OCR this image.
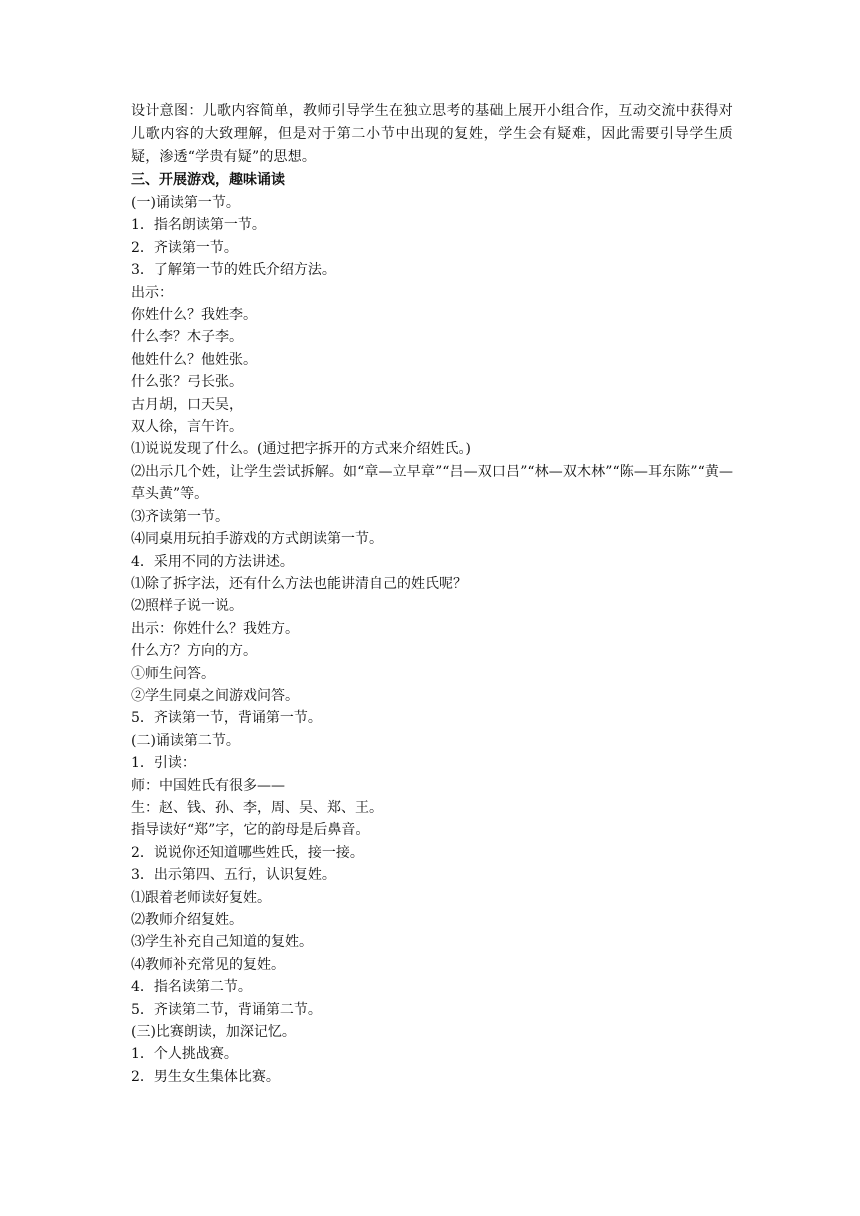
设计意图：儿歌内容简单，教师引导学生在独立思考的基础上展开小组合作，互动交流中获得对儿歌内容的大致理解，但是对于第二小节中出现的复姓，学生会有疑难，因此需要引导学生质疑，渗透“学贵有疑”的思想。

三、开展游戏，趣味诵读

(一)诵读第一节。
1．指名朗读第一节。
2．齐读第一节。
3．了解第一节的姓氏介绍方法。
出示：
你姓什么？我姓李。
什么李？木子李。
他姓什么？他姓张。
什么张？弓长张。
古月胡，口天吴，
双人徐，言午许。
⑴说说发现了什么。(通过把字拆开的方式来介绍姓氏。)
⑵出示几个姓，让学生尝试拆解。如“章—立早章”“吕—双口吕”“林—双木林”“陈—耳东陈”“黄—草头黄”等。
⑶齐读第一节。
⑷同桌用玩拍手游戏的方式朗读第一节。
4．采用不同的方法讲述。
⑴除了拆字法，还有什么方法也能讲清自己的姓氏呢？
⑵照样子说一说。
出示：你姓什么？我姓方。
什么方？方向的方。
①师生问答。
②学生同桌之间游戏问答。
5．齐读第一节，背诵第一节。
(二)诵读第二节。
1．引读：
师：中国姓氏有很多——
生：赵、钱、孙、李，周、吴、郑、王。
指导读好“郑”字，它的韵母是后鼻音。
2．说说你还知道哪些姓氏，接一接。
3．出示第四、五行，认识复姓。
⑴跟着老师读好复姓。
⑵教师介绍复姓。
⑶学生补充自己知道的复姓。
⑷教师补充常见的复姓。
4．指名读第二节。
5．齐读第二节，背诵第二节。
(三)比赛朗读，加深记忆。
1．个人挑战赛。
2．男生女生集体比赛。
